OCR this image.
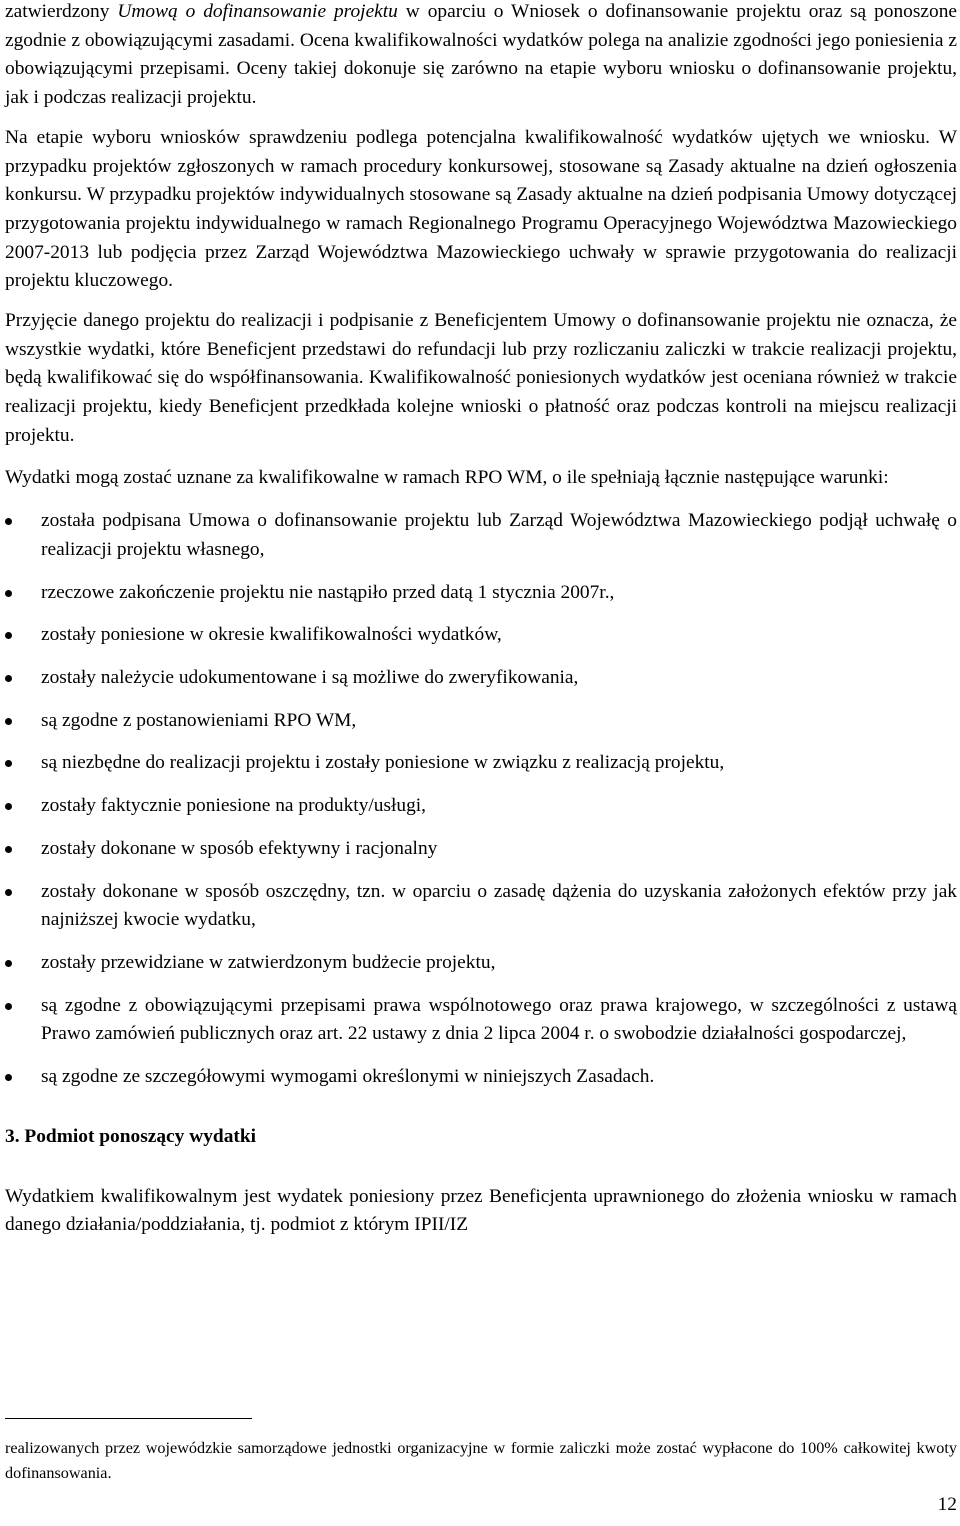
zatwierdzony Umową o dofinansowanie projektu w oparciu o Wniosek o dofinansowanie projektu oraz są ponoszone zgodnie z obowiązującymi zasadami. Ocena kwalifikowalności wydatków polega na analizie zgodności jego poniesienia z obowiązującymi przepisami. Oceny takiej dokonuje się zarówno na etapie wyboru wniosku o dofinansowanie projektu, jak i podczas realizacji projektu.

Na etapie wyboru wniosków sprawdzeniu podlega potencjalna kwalifikowalność wydatków ujętych we wniosku. W przypadku projektów zgłoszonych w ramach procedury konkursowej, stosowane są Zasady aktualne na dzień ogłoszenia konkursu. W przypadku projektów indywidualnych stosowane są Zasady aktualne na dzień podpisania Umowy dotyczącej przygotowania projektu indywidualnego w ramach Regionalnego Programu Operacyjnego Województwa Mazowieckiego 2007-2013 lub podjęcia przez Zarząd Województwa Mazowieckiego uchwały w sprawie przygotowania do realizacji projektu kluczowego.

Przyjęcie danego projektu do realizacji i podpisanie z Beneficjentem Umowy o dofinansowanie projektu nie oznacza, że wszystkie wydatki, które Beneficjent przedstawi do refundacji lub przy rozliczaniu zaliczki w trakcie realizacji projektu, będą kwalifikować się do współfinansowania. Kwalifikowalność poniesionych wydatków jest oceniana również w trakcie realizacji projektu, kiedy Beneficjent przedkłada kolejne wnioski o płatność oraz podczas kontroli na miejscu realizacji projektu.

Wydatki mogą zostać uznane za kwalifikowalne w ramach RPO WM, o ile spełniają łącznie następujące warunki:

została podpisana Umowa o dofinansowanie projektu lub Zarząd Województwa Mazowieckiego podjął uchwałę o realizacji projektu własnego,
rzeczowe zakończenie projektu nie nastąpiło przed datą 1 stycznia 2007r.,
zostały poniesione w okresie kwalifikowalności wydatków,
zostały należycie udokumentowane i są możliwe do zweryfikowania,
są zgodne z postanowieniami RPO WM,
są niezbędne do realizacji projektu i zostały poniesione w związku z realizacją projektu,
zostały faktycznie poniesione na produkty/usługi,
zostały dokonane w sposób efektywny i racjonalny
zostały dokonane w sposób oszczędny, tzn. w oparciu o zasadę dążenia do uzyskania założonych efektów przy jak najniższej kwocie wydatku,
zostały przewidziane w zatwierdzonym budżecie projektu,
są zgodne z obowiązującymi przepisami prawa wspólnotowego oraz prawa krajowego, w szczególności z ustawą Prawo zamówień publicznych oraz art. 22 ustawy z dnia 2 lipca 2004 r. o swobodzie działalności gospodarczej,
są zgodne ze szczegółowymi wymogami określonymi w niniejszych Zasadach.

3. Podmiot ponoszący wydatki

Wydatkiem kwalifikowalnym jest wydatek poniesiony przez Beneficjenta uprawnionego do złożenia wniosku w ramach danego działania/poddziałania, tj. podmiot z którym IPII/IZ

realizowanych przez wojewódzkie samorządowe jednostki organizacyjne w formie zaliczki może zostać wypłacone do 100% całkowitej kwoty dofinansowania.

12
